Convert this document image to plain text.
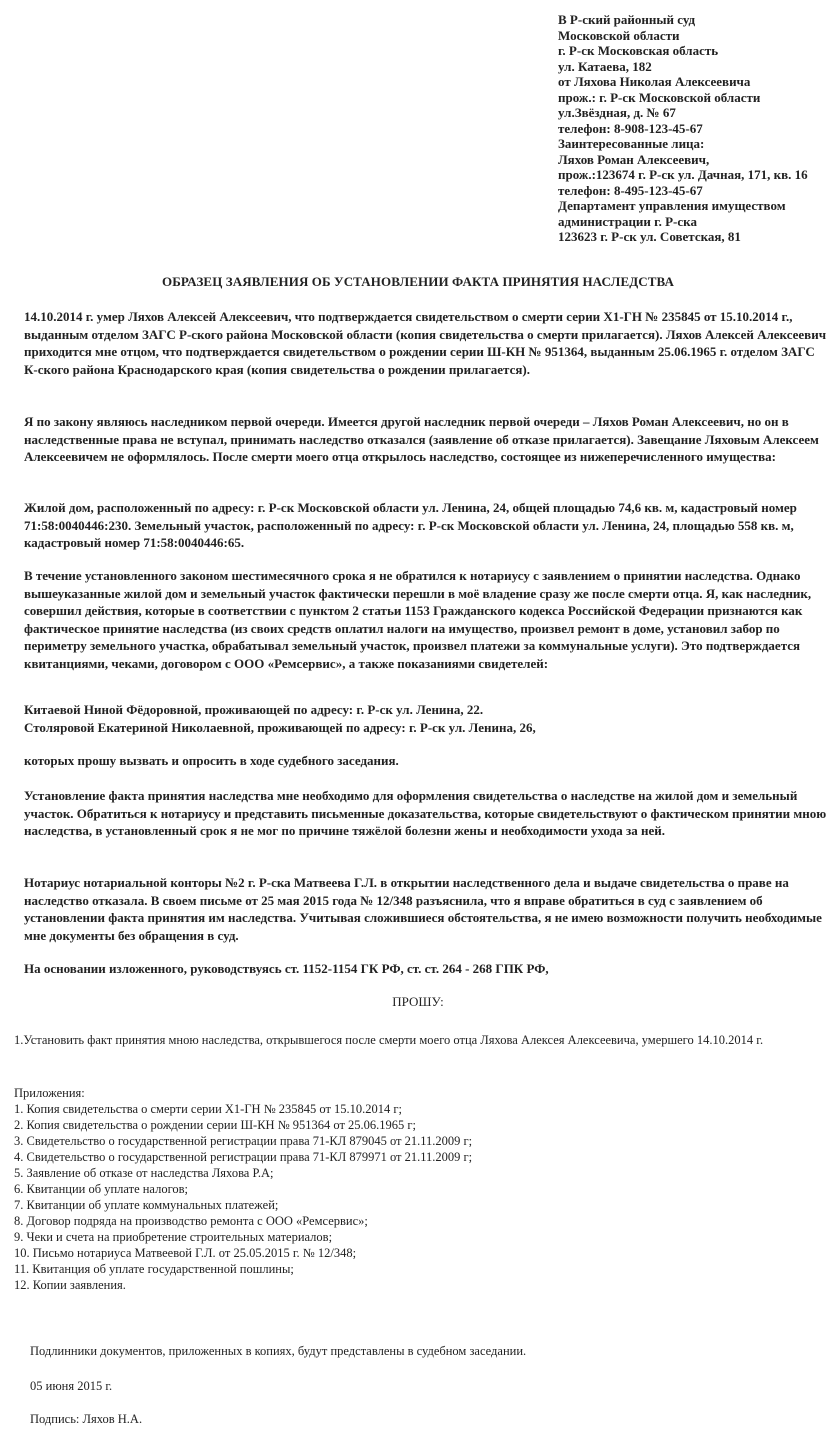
В Р-ский районный суд
Московской области
г. Р-ск Московская область
ул. Катаева, 182
от Ляхова Николая Алексеевича
прож.: г. Р-ск Московской области
ул.Звёздная, д. № 67
телефон: 8-908-123-45-67
Заинтересованные лица:
Ляхов Роман Алексеевич,
прож.:123674 г. Р-ск ул. Дачная, 171, кв. 16
телефон: 8-495-123-45-67
Департамент управления имуществом
администрации г. Р-ска
123623 г. Р-ск ул. Советская, 81
ОБРАЗЕЦ ЗАЯВЛЕНИЯ ОБ УСТАНОВЛЕНИИ ФАКТА ПРИНЯТИЯ НАСЛЕДСТВА
14.10.2014 г. умер Ляхов Алексей Алексеевич, что подтверждается свидетельством о смерти серии Х1-ГН № 235845 от 15.10.2014 г., выданным отделом ЗАГС Р-ского района Московской области (копия свидетельства о смерти прилагается). Ляхов Алексей Алексеевич приходится мне отцом, что подтверждается свидетельством о рождении серии Ш-КН № 951364, выданным 25.06.1965 г. отделом ЗАГС К-ского района Краснодарского края (копия свидетельства о рождении прилагается).
Я по закону являюсь наследником первой очереди. Имеется другой наследник первой очереди – Ляхов Роман Алексеевич, но он в наследственные права не вступал, принимать наследство отказался (заявление об отказе прилагается). Завещание Ляховым Алексеем Алексеевичем не оформлялось. После смерти моего отца открылось наследство, состоящее из нижеперечисленного имущества:
Жилой дом, расположенный по адресу: г. Р-ск Московской области ул. Ленина, 24, общей площадью 74,6 кв. м, кадастровый номер 71:58:0040446:230. Земельный участок, расположенный по адресу: г. Р-ск Московской области ул. Ленина, 24, площадью 558 кв. м, кадастровый номер 71:58:0040446:65.
В течение установленного законом шестимесячного срока я не обратился к нотариусу с заявлением о принятии наследства. Однако вышеуказанные жилой дом и земельный участок фактически перешли в моё владение сразу же после смерти отца. Я, как наследник, совершил действия, которые в соответствии с пунктом 2 статьи 1153 Гражданского кодекса Российской Федерации признаются как фактическое принятие наследства (из своих средств оплатил налоги на имущество, произвел ремонт в доме, установил забор по периметру земельного участка, обрабатывал земельный участок, произвел платежи за коммунальные услуги). Это подтверждается квитанциями, чеками, договором с ООО «Ремсервис», а также показаниями свидетелей:
Китаевой Ниной Фёдоровной, проживающей по адресу: г. Р-ск ул. Ленина, 22.
Столяровой Екатериной Николаевной, проживающей по адресу: г. Р-ск ул. Ленина, 26,
которых прошу вызвать и опросить в ходе судебного заседания.
Установление факта принятия наследства мне необходимо для оформления свидетельства о наследстве на жилой дом и земельный участок. Обратиться к нотариусу и представить письменные доказательства, которые свидетельствуют о фактическом принятии мною наследства, в установленный срок я не мог по причине тяжёлой болезни жены и необходимости ухода за ней.
Нотариус нотариальной конторы №2 г. Р-ска Матвеева Г.Л. в открытии наследственного дела и выдаче свидетельства о праве на наследство отказала. В своем письме от 25 мая 2015 года № 12/348 разъяснила, что я вправе обратиться в суд с заявлением об установлении факта принятия им наследства. Учитывая сложившиеся обстоятельства, я не имею возможности получить необходимые мне документы без обращения в суд.
На основании изложенного, руководствуясь ст. 1152-1154 ГК РФ, ст. ст. 264 - 268 ГПК РФ,
ПРОШУ:
1.Установить факт принятия мною наследства, открывшегося после смерти моего отца Ляхова Алексея Алексеевича, умершего 14.10.2014 г.
Приложения:
1. Копия свидетельства о смерти серии Х1-ГН № 235845 от 15.10.2014 г;
2. Копия свидетельства о рождении серии Ш-КН № 951364 от 25.06.1965 г;
3. Свидетельство о государственной регистрации права 71-КЛ 879045 от 21.11.2009 г;
4. Свидетельство о государственной регистрации права 71-КЛ 879971 от 21.11.2009 г;
5. Заявление об отказе от наследства Ляхова Р.А;
6. Квитанции об уплате налогов;
7. Квитанции об уплате коммунальных платежей;
8. Договор подряда на производство ремонта с ООО «Ремсервис»;
9. Чеки и счета на приобретение строительных материалов;
10. Письмо нотариуса Матвеевой Г.Л. от 25.05.2015 г. № 12/348;
11. Квитанция об уплате государственной пошлины;
12. Копии заявления.
Подлинники документов, приложенных в копиях, будут представлены в судебном заседании.
05 июня 2015 г.
Подпись: Ляхов Н.А.
